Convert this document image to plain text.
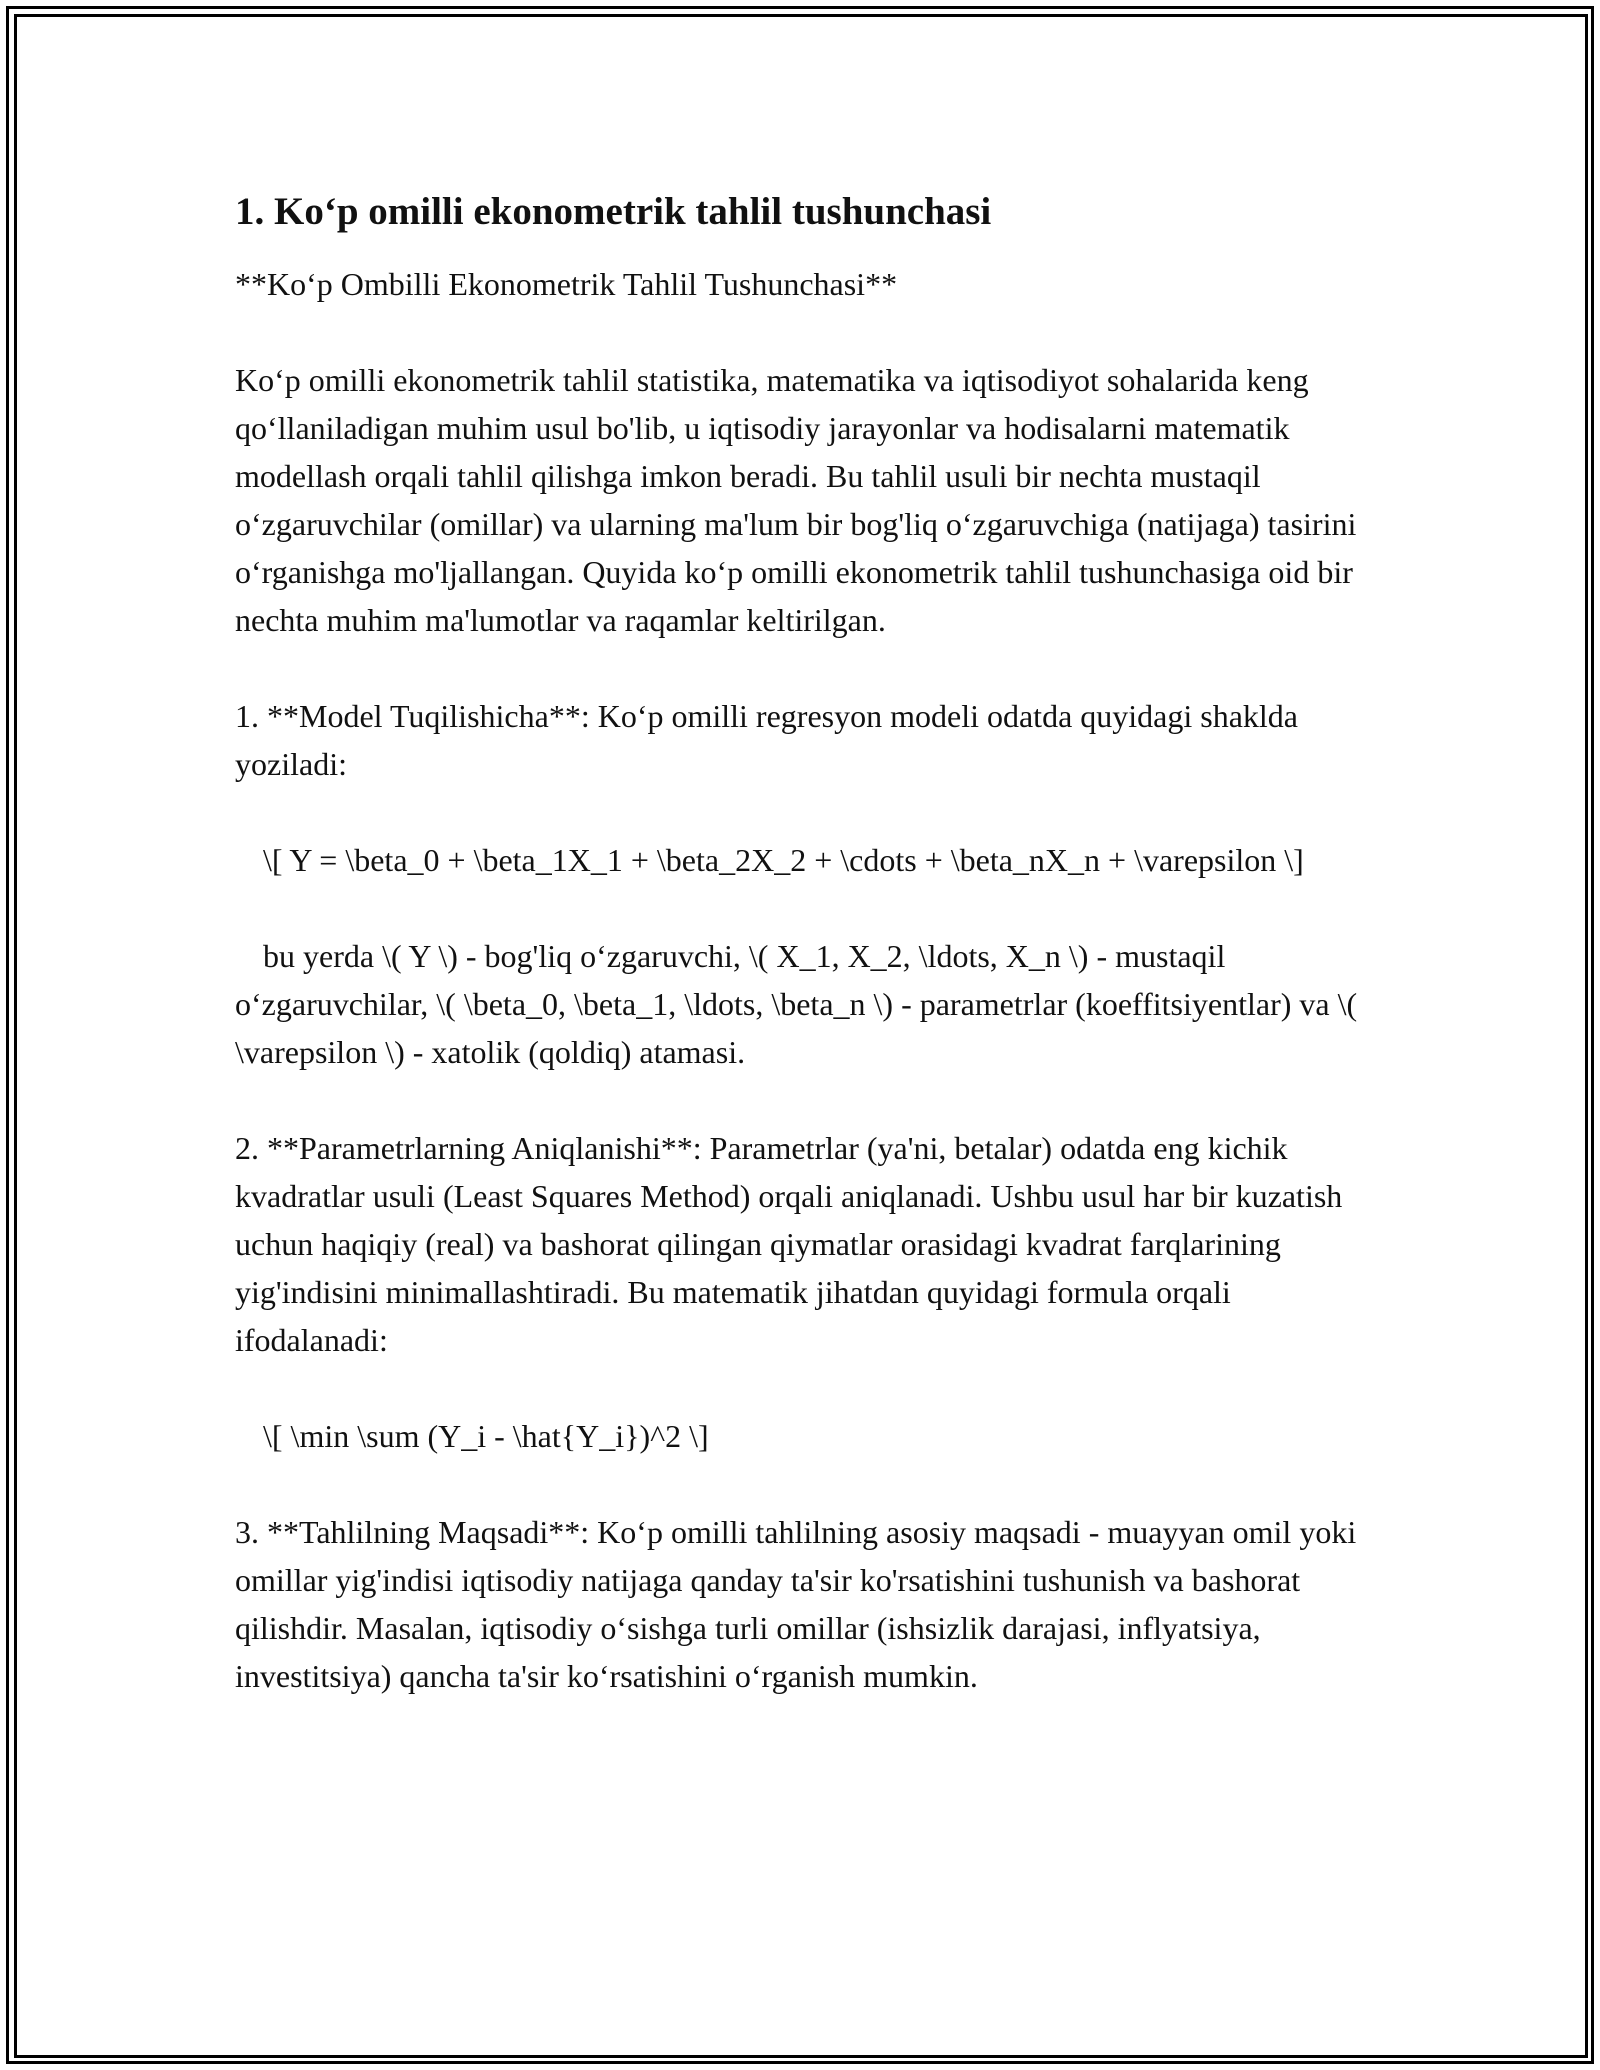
1. Ko‘p omilli ekonometrik tahlil tushunchasi
**Ko‘p Ombilli Ekonometrik Tahlil Tushunchasi**
Ko‘p omilli ekonometrik tahlil statistika, matematika va iqtisodiyot sohalarida keng qo‘llaniladigan muhim usul bo'lib, u iqtisodiy jarayonlar va hodisalarni matematik modellash orqali tahlil qilishga imkon beradi. Bu tahlil usuli bir nechta mustaqil o‘zgaruvchilar (omillar) va ularning ma'lum bir bog'liq o‘zgaruvchiga (natijaga) tasirini o‘rganishga mo'ljallangan. Quyida ko‘p omilli ekonometrik tahlil tushunchasiga oid bir nechta muhim ma'lumotlar va raqamlar keltirilgan.
1. **Model Tuqilishicha**: Ko‘p omilli regresyon modeli odatda quyidagi shaklda yoziladi:
\[ Y = \beta_0 + \beta_1X_1 + \beta_2X_2 + \cdots + \beta_nX_n + \varepsilon \]
bu yerda \( Y \) - bog'liq o‘zgaruvchi, \( X_1, X_2, \ldots, X_n \) - mustaqil o‘zgaruvchilar, \( \beta_0, \beta_1, \ldots, \beta_n \) - parametrlar (koeffitsiyentlar) va \( \varepsilon \) - xatolik (qoldiq) atamasi.
2. **Parametrlarning Aniqlanishi**: Parametrlar (ya'ni, betalar) odatda eng kichik kvadratlar usuli (Least Squares Method) orqali aniqlanadi. Ushbu usul har bir kuzatish uchun haqiqiy (real) va bashorat qilingan qiymatlar orasidagi kvadrat farqlarining yig'indisini minimallashtiradi. Bu matematik jihatdan quyidagi formula orqali ifodalanadi:
\[ \min \sum (Y_i - \hat{Y_i})^2 \]
3. **Tahlilning Maqsadi**: Ko‘p omilli tahlilning asosiy maqsadi - muayyan omil yoki omillar yig'indisi iqtisodiy natijaga qanday ta'sir ko'rsatishini tushunish va bashorat qilishdir. Masalan, iqtisodiy o‘sishga turli omillar (ishsizlik darajasi, inflyatsiya, investitsiya) qancha ta'sir ko‘rsatishini o‘rganish mumkin.
